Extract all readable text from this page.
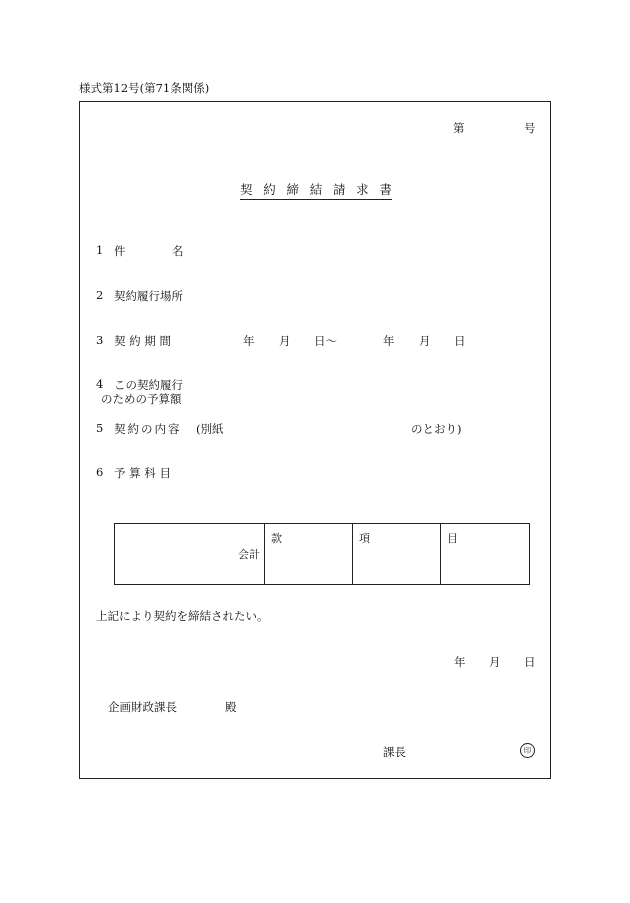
様式第12号(第71条関係)
第	号
契 約 締 結 請 求 書
1 件	名
2 契約履行場所
3 契 約 期 間	年 月 日〜	年 月 日
4 この契約履行
のための予算額
5 契約の内容 (別紙	のとおり)
6 予 算 科 目
会計	款	項	目
上記により契約を締結されたい。
年 月 日
企画財政課長	殿
課長	印
